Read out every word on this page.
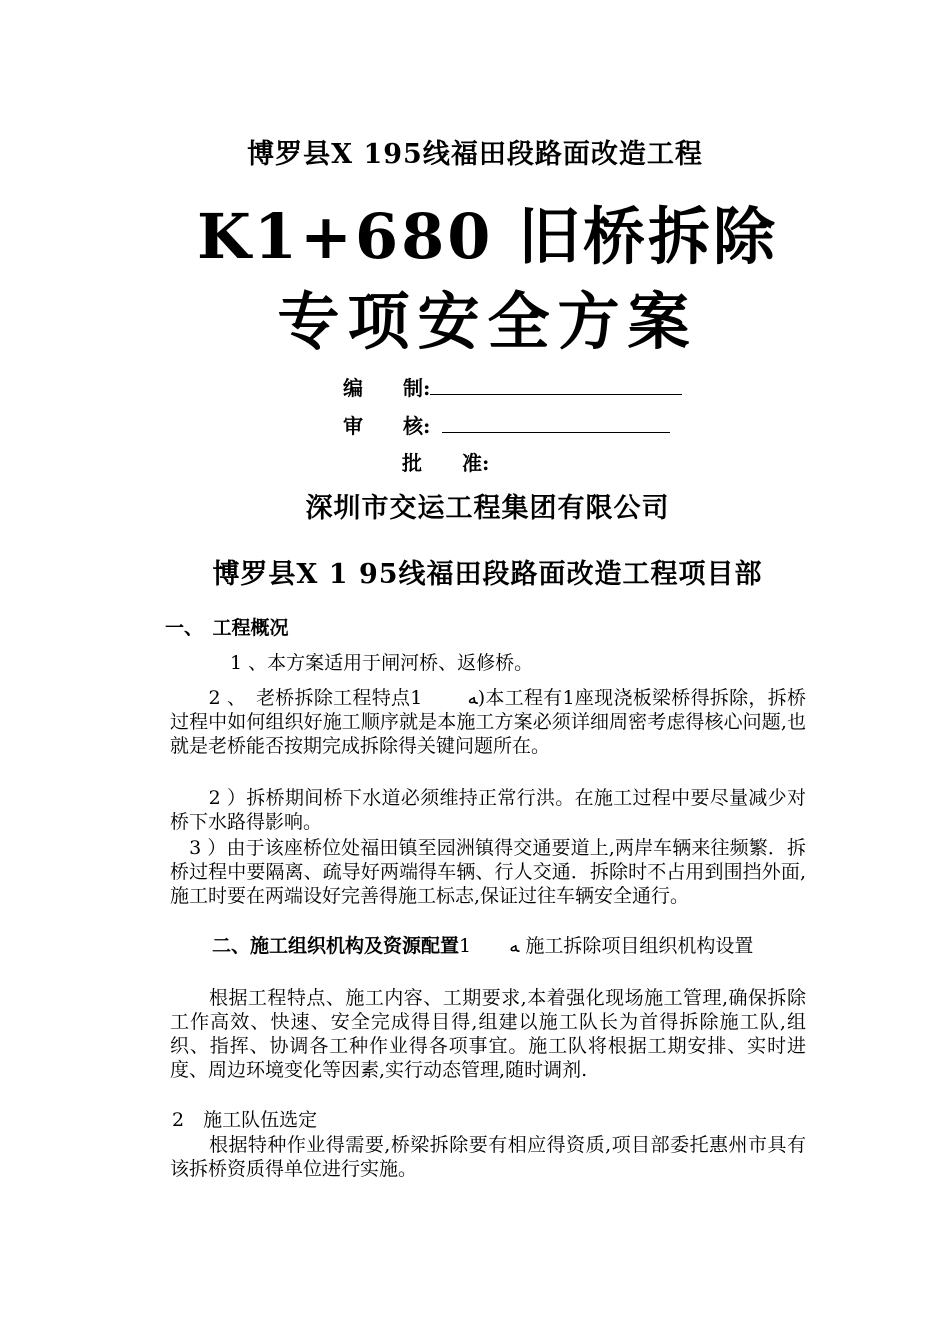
博罗县X 195线福田段路面改造工程
K1+680 旧桥拆除
专项安全方案
编　　制:
审　　核:
批　　准:
深圳市交运工程集团有限公司
博罗县X 1 95线福田段路面改造工程项目部
一、　工程概况
1 、本方案适用于闸河桥、返修桥。
　　2 、　老桥拆除工程特点1　　 ﻪ)本工程有1座现浇板梁桥得拆除，拆桥过程中如何组织好施工顺序就是本施工方案必须详细周密考虑得核心问题,也就是老桥能否按期完成拆除得关键问题所在。
　　2 ）拆桥期间桥下水道必须维持正常行洪。在施工过程中要尽量减少对桥下水路得影响。
　3 ）由于该座桥位处福田镇至园洲镇得交通要道上,两岸车辆来往频繁．拆桥过程中要隔离、疏导好两端得车辆、行人交通．拆除时不占用到围挡外面,施工时要在两端设好完善得施工标志,保证过往车辆安全通行。
二、施工组织机构及资源配置1　　ﻪ 施工拆除项目组织机构设置
　　根据工程特点、施工内容、工期要求,本着强化现场施工管理,确保拆除工作高效、快速、安全完成得目得,组建以施工队长为首得拆除施工队,组织、指挥、协调各工种作业得各项事宜。施工队将根据工期安排、实时进度、周边环境变化等因素,实行动态管理,随时调剂.
2　施工队伍选定
　　根据特种作业得需要,桥梁拆除要有相应得资质,项目部委托惠州市具有该拆桥资质得单位进行实施。
